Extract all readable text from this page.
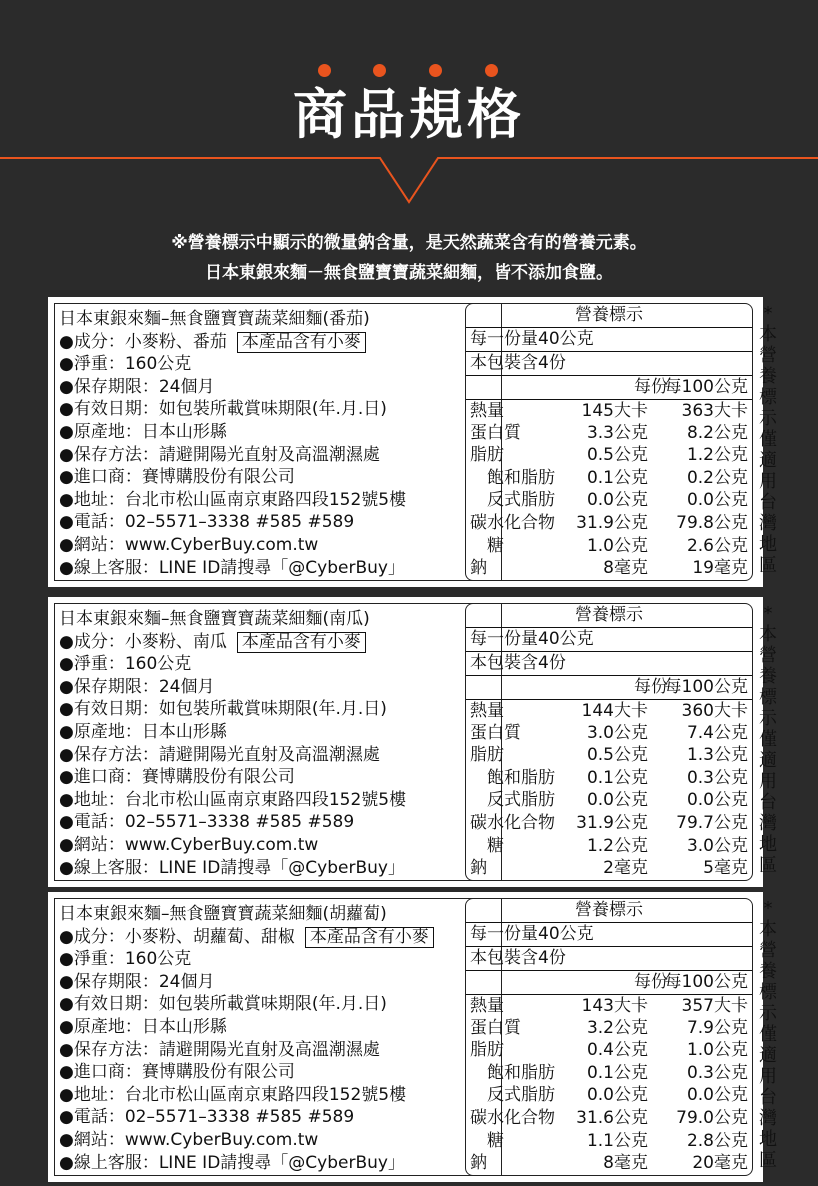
商品規格
※營養標示中顯示的微量鈉含量，是天然蔬菜含有的營養元素。
日本東銀來麵－無食鹽寶寶蔬菜細麵，皆不添加食鹽。
日本東銀來麵–無食鹽寶寶蔬菜細麵(番茄)
●成分：小麥粉、番茄 本產品含有小麥
●淨重：160公克
●保存期限：24個月
●有效日期：如包裝所載賞味期限(年.月.日)
●原產地：日本山形縣
●保存方法：請避開陽光直射及高溫潮濕處
●進口商：賽博購股份有限公司
●地址：台北市松山區南京東路四段152號5樓
●電話：02–5571–3338 #585 #589
●網站：www.CyberBuy.com.tw
●線上客服：LINE ID請搜尋「@CyberBuy」
營養標示
每一份量40公克
本包裝含4份
每份
每100公克
熱量	145大卡 363大卡
蛋白質	3.3公克 8.2公克
脂肪	0.5公克 1.2公克
　飽和脂肪 0.1公克 0.2公克
　反式脂肪 0.0公克 0.0公克
碳水化合物 31.9公克 79.8公克
　糖	1.0公克 2.6公克
鈉	8毫克	19毫克
*
本
營
養
標
示
僅
適
用
台
灣
地
區
日本東銀來麵–無食鹽寶寶蔬菜細麵(南瓜)
●成分：小麥粉、南瓜 本產品含有小麥
●淨重：160公克
●保存期限：24個月
●有效日期：如包裝所載賞味期限(年.月.日)
●原產地：日本山形縣
●保存方法：請避開陽光直射及高溫潮濕處
●進口商：賽博購股份有限公司
●地址：台北市松山區南京東路四段152號5樓
●電話：02–5571–3338 #585 #589
●網站：www.CyberBuy.com.tw
●線上客服：LINE ID請搜尋「@CyberBuy」
營養標示
每一份量40公克
本包裝含4份
每份
每100公克
熱量	144大卡 360大卡
蛋白質	3.0公克 7.4公克
脂肪	0.5公克 1.3公克
　飽和脂肪 0.1公克 0.3公克
　反式脂肪 0.0公克 0.0公克
碳水化合物 31.9公克 79.7公克
　糖	1.2公克 3.0公克
鈉	2毫克	5毫克
*
本
營
養
標
示
僅
適
用
台
灣
地
區
日本東銀來麵–無食鹽寶寶蔬菜細麵(胡蘿蔔)
●成分：小麥粉、胡蘿蔔、甜椒 本產品含有小麥
●淨重：160公克
●保存期限：24個月
●有效日期：如包裝所載賞味期限(年.月.日)
●原產地：日本山形縣
●保存方法：請避開陽光直射及高溫潮濕處
●進口商：賽博購股份有限公司
●地址：台北市松山區南京東路四段152號5樓
●電話：02–5571–3338 #585 #589
●網站：www.CyberBuy.com.tw
●線上客服：LINE ID請搜尋「@CyberBuy」
營養標示
每一份量40公克
本包裝含4份
每份
每100公克
熱量	143大卡 357大卡
蛋白質	3.2公克 7.9公克
脂肪	0.4公克 1.0公克
　飽和脂肪 0.1公克 0.3公克
　反式脂肪 0.0公克 0.0公克
碳水化合物 31.6公克 79.0公克
　糖	1.1公克 2.8公克
鈉	8毫克	20毫克
*
本
營
養
標
示
僅
適
用
台
灣
地
區
